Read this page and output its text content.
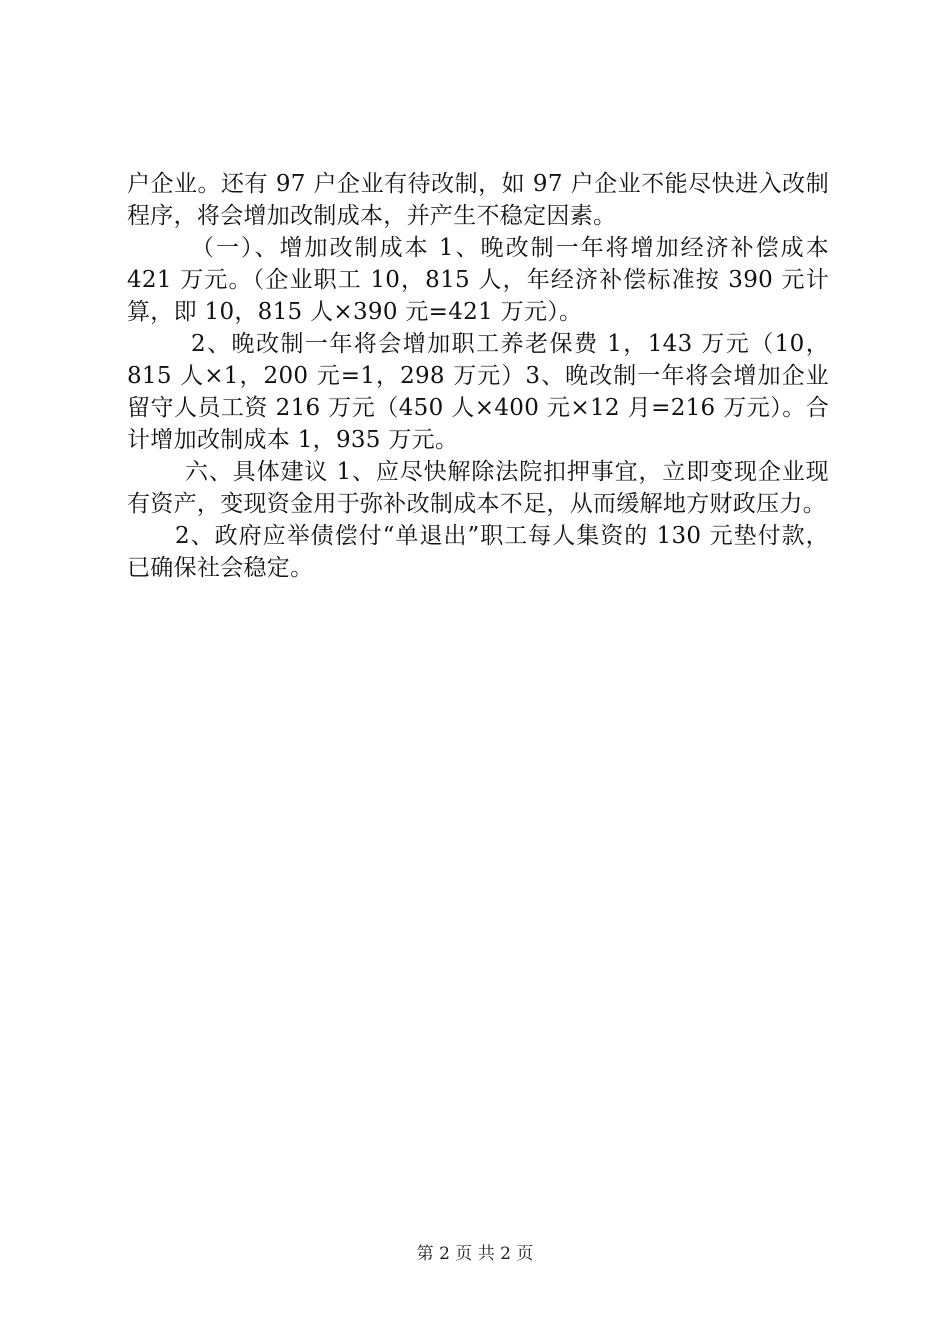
户企业。还有 97 户企业有待改制，如 97 户企业不能尽快进入改制程序，将会增加改制成本，并产生不稳定因素。

（一）、增加改制成本 1、晚改制一年将增加经济补偿成本 421 万元。（企业职工 10，815 人，年经济补偿标准按 390 元计算，即 10，815 人×390 元=421 万元）。

2、晚改制一年将会增加职工养老保费 1，143 万元（10，815 人×1，200 元=1，298 万元）3、晚改制一年将会增加企业留守人员工资 216 万元（450 人×400 元×12 月=216 万元）。合计增加改制成本 1，935 万元。

六、具体建议 1、应尽快解除法院扣押事宜，立即变现企业现有资产，变现资金用于弥补改制成本不足，从而缓解地方财政压力。

2、政府应举债偿付“单退出”职工每人集资的 130 元垫付款，已确保社会稳定。

第 2 页 共 2 页
